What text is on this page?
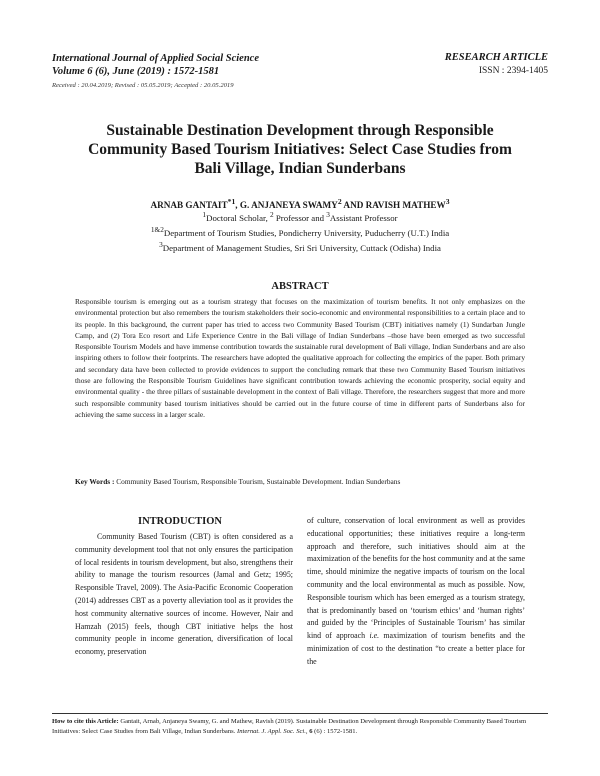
International Journal of Applied Social Science
Volume 6 (6), June (2019) : 1572-1581
Received : 20.04.2019; Revised : 05.05.2019; Accepted : 20.05.2019
RESEARCH ARTICLE
ISSN : 2394-1405
Sustainable Destination Development through Responsible
Community Based Tourism Initiatives: Select Case Studies from
Bali Village, Indian Sunderbans
ARNAB GANTAIT$^{*1}$, G. ANJANEYA SWAMY$^2$ AND RAVISH MATHEW$^3$
$^1$Doctoral Scholar, $^2$ Professor and $^3$Assistant Professor
$^{1\&2}$Department of Tourism Studies, Pondicherry University, Puducherry (U.T.) India
$^3$Department of Management Studies, Sri Sri University, Cuttack (Odisha) India
ABSTRACT
Responsible tourism is emerging out as a tourism strategy that focuses on the maximization of tourism benefits. It not only emphasizes on the environmental protection but also remembers the tourism stakeholders their socio-economic and environmental responsibilities to a certain place and to its people. In this background, the current paper has tried to access two Community Based Tourism (CBT) initiatives namely (1) Sundarban Jungle Camp, and (2) Tora Eco resort and Life Experience Centre in the Bali village of Indian Sunderbans –those have been emerged as two successful Responsible Tourism Models and have immense contribution towards the sustainable rural development of Bali village, Indian Sunderbans and are also inspiring others to follow their footprints. The researchers have adopted the qualitative approach for collecting the empirics of the paper. Both primary and secondary data have been collected to provide evidences to support the concluding remark that these two Community Based Tourism initiatives those are following the Responsible Tourism Guidelines have significant contribution towards achieving the economic prosperity, social equity and environmental quality - the three pillars of sustainable development in the context of Bali village. Therefore, the researchers suggest that more and more such responsible community based tourism initiatives should be carried out in the future course of time in different parts of Sunderbans also for achieving the same success in a larger scale.
Key Words : Community Based Tourism, Responsible Tourism, Sustainable Development. Indian Sunderbans
INTRODUCTION
Community Based Tourism (CBT) is often considered as a community development tool that not only ensures the participation of local residents in tourism development, but also, strengthens their ability to manage the tourism resources (Jamal and Getz; 1995; Responsible Travel, 2009). The Asia-Pacific Economic Cooperation (2014) addresses CBT as a poverty alleviation tool as it provides the host community alternative sources of income. However, Nair and Hamzah (2015) feels, though CBT initiative helps the host community people in income generation, diversification of local economy, preservation
of culture, conservation of local environment as well as provides educational opportunities; these initiatives require a long-term approach and therefore, such initiatives should aim at the maximization of the benefits for the host community and at the same time, should minimize the negative impacts of tourism on the local community and the local environmental as much as possible. Now, Responsible tourism which has been emerged as a tourism strategy, that is predominantly based on ‘tourism ethics’ and ‘human rights’ and guided by the ‘Principles of Sustainable Tourism’ has similar kind of approach i.e. maximization of tourism benefits and the minimization of cost to the destination “to create a better place for the
How to cite this Article: Gantait, Arnab, Anjaneya Swamy, G. and Mathew, Ravish (2019). Sustainable Destination Development through Responsible Community Based Tourism Initiatives: Select Case Studies from Bali Village, Indian Sunderbans. Internat. J. Appl. Soc. Sci., 6 (6) : 1572-1581.
